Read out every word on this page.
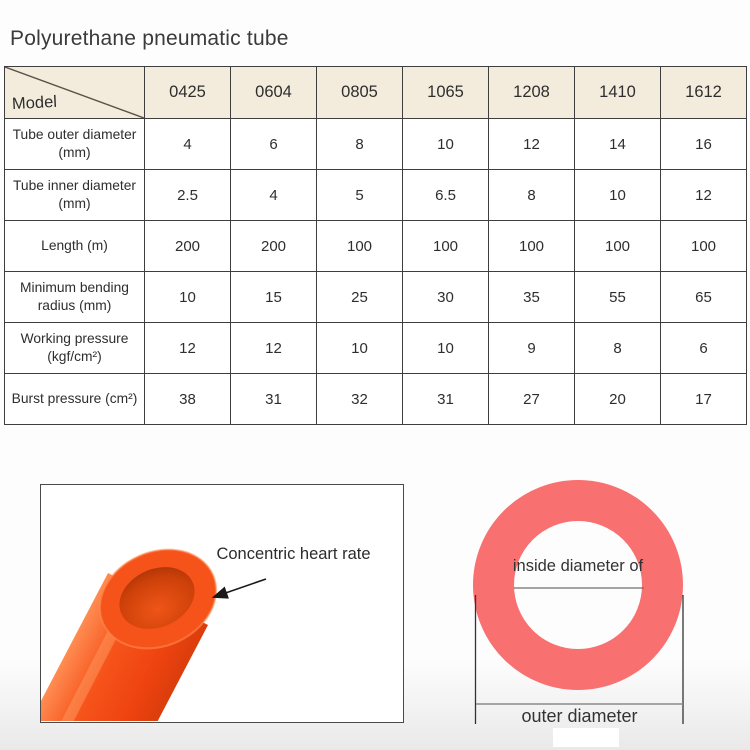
Polyurethane pneumatic tube
Model
0425	0604	0805	1065	1208	1410	1612
Tube outer diameter (mm)	4	6	8	10	12	14	16
Tube inner diameter (mm)	2.5	4	5	6.5	8	10	12
Length (m)	200	200	100	100	100	100	100
Minimum bending radius (mm)	10	15	25	30	35	55	65
Working pressure (kgf/cm²)	12	12	10	10	9	8	6
Burst pressure (cm²)	38	31	32	31	27	20	17
Concentric heart rate
inside diameter of
outer diameter
